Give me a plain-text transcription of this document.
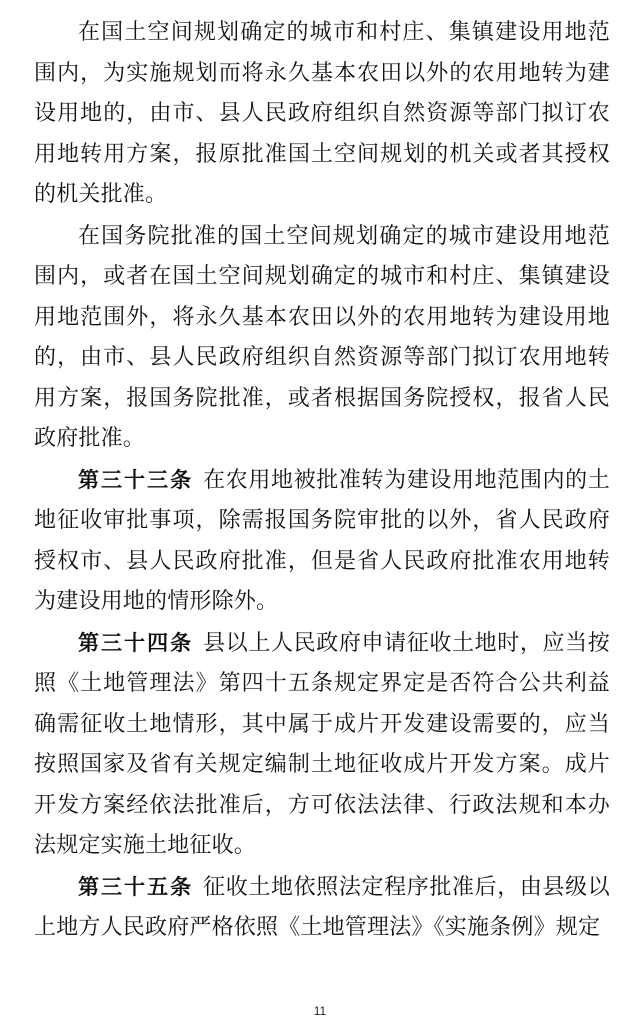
在国土空间规划确定的城市和村庄、集镇建设用地范围内，为实施规划而将永久基本农田以外的农用地转为建设用地的，由市、县人民政府组织自然资源等部门拟订农用地转用方案，报原批准国土空间规划的机关或者其授权的机关批准。

在国务院批准的国土空间规划确定的城市建设用地范围内，或者在国土空间规划确定的城市和村庄、集镇建设用地范围外，将永久基本农田以外的农用地转为建设用地的，由市、县人民政府组织自然资源等部门拟订农用地转用方案，报国务院批准，或者根据国务院授权，报省人民政府批准。

第三十三条 在农用地被批准转为建设用地范围内的土地征收审批事项，除需报国务院审批的以外，省人民政府授权市、县人民政府批准，但是省人民政府批准农用地转为建设用地的情形除外。

第三十四条 县以上人民政府申请征收土地时，应当按照《土地管理法》第四十五条规定界定是否符合公共利益确需征收土地情形，其中属于成片开发建设需要的，应当按照国家及省有关规定编制土地征收成片开发方案。成片开发方案经依法批准后，方可依法法律、行政法规和本办法规定实施土地征收。

第三十五条 征收土地依照法定程序批准后，由县级以上地方人民政府严格依照《土地管理法》《实施条例》规定

11
